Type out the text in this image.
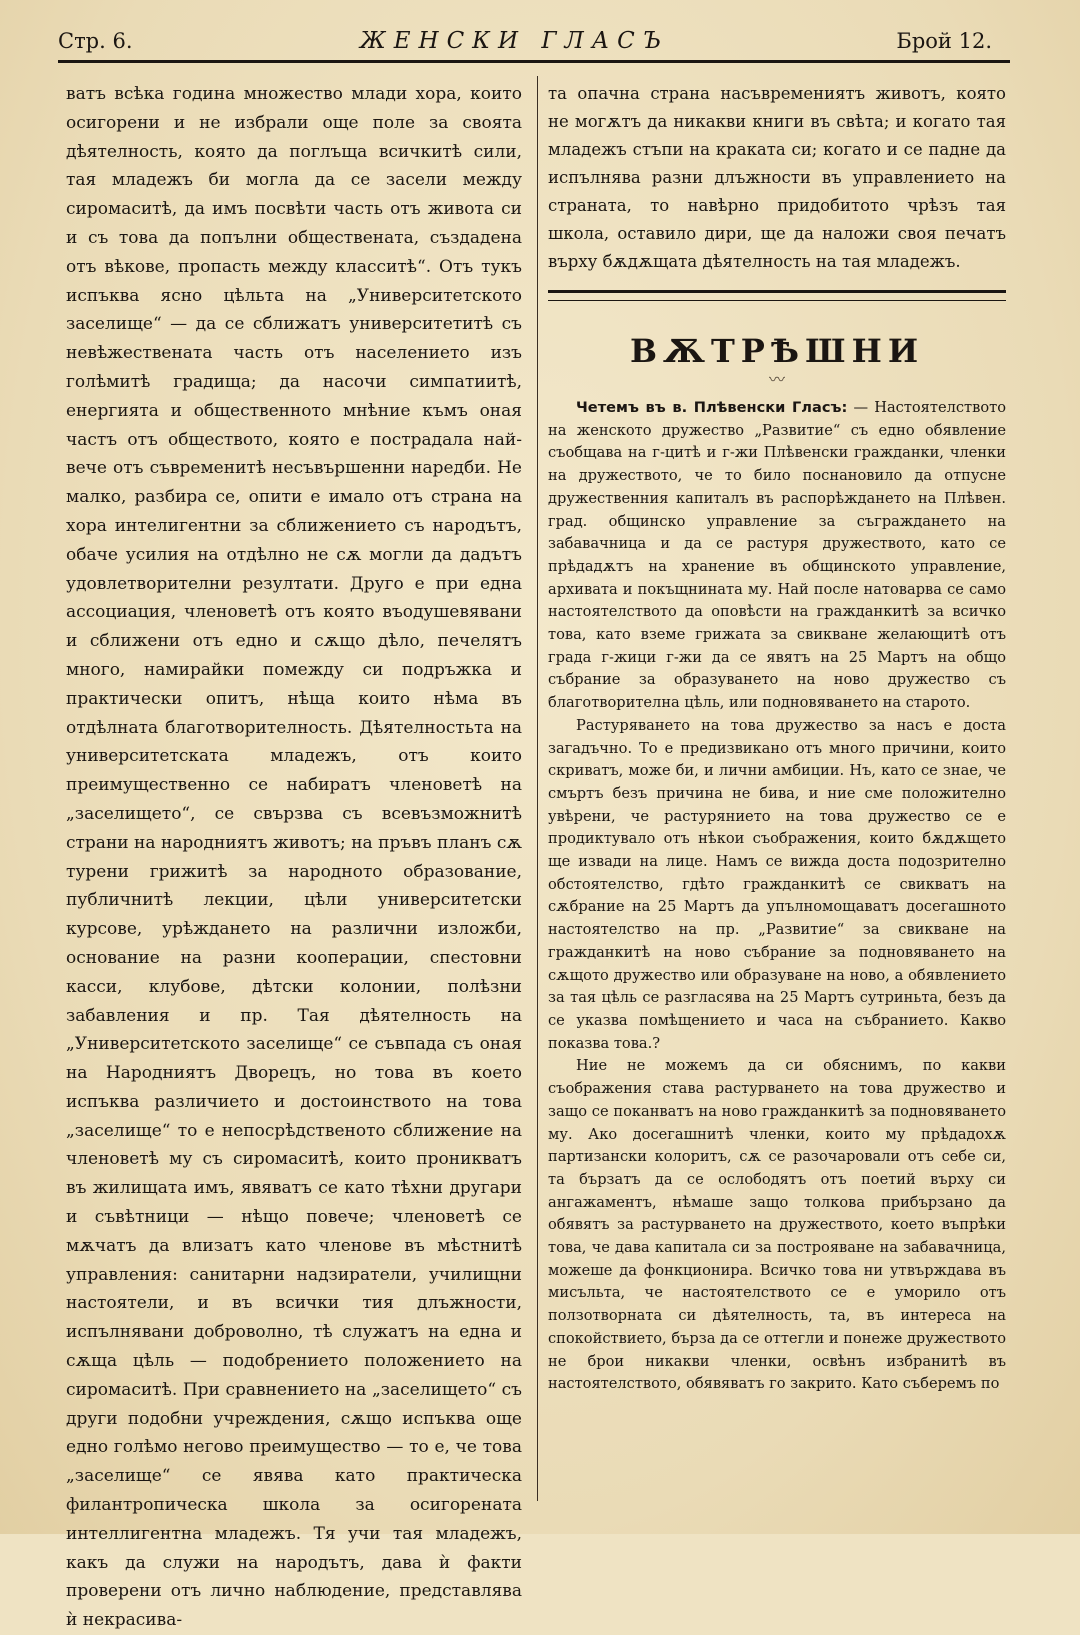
Стр. 6.	ЖЕНСКИ ГЛАСЪ	Брой 12.

ватъ всѣка година множество млади хора, които осигорени и не избрали още поле за своята дѣятелность, която да поглъща всичкитѣ сили, тая младежъ би могла да се засели между сиромаситѣ, да имъ посвѣти часть отъ живота си и съ това да попълни обществената, създадена отъ вѣкове, пропасть между класситѣ“. Отъ тукъ испъква ясно цѣльта на „Университетското заселище“ — да се сближатъ университетитѣ съ невѣжествената часть отъ населението изъ голѣмитѣ градища; да насочи симпатиитѣ, енергията и общественното мнѣние къмъ оная частъ отъ обществото, която е пострадала най-вече отъ съвременитѣ несъвършенни наредби. Не малко, разбира се, опити е имало отъ страна на хора интелигентни за сближението съ народътъ, обаче усилия на отдѣлно не сѫ могли да дадътъ удовлетворителни резултати. Друго е при една ассоциация, членоветѣ отъ която въодушевявани и сближени отъ едно и сѫщо дѣло, печелятъ много, намирайки помежду си подръжка и практически опитъ, нѣща които нѣма въ отдѣлната благотворителность. Дѣятелностьта на университетската младежъ, отъ които преимущественно се набиратъ членоветѣ на „заселището“, се свързва съ всевъзможнитѣ страни на народниятъ животъ; на пръвъ планъ сѫ турени грижитѣ за народното образование, публичнитѣ лекции, цѣли университетски курсове, урѣждането на различни изложби, основание на разни кооперации, спестовни касси, клубове, дѣтски колонии, полѣзни забавления и пр. Тая дѣятелность на „Университетското заселище“ се съвпада съ оная на Народниятъ Дворецъ, но това въ което испъква различието и достоинството на това „заселище“ то е непосрѣдственото сближение на членоветѣ му съ сиромаситѣ, които проникватъ въ жилищата имъ, явяватъ се като тѣхни другари и съвѣтници — нѣщо повече; членоветѣ се мѫчатъ да влизатъ като членове въ мѣстнитѣ управления: санитарни надзиратели, училищни настоятели, и въ всички тия длъжности, испълнявани доброволно, тѣ служатъ на една и сѫща цѣль — подобрението положението на сиромаситѣ. При сравнението на „заселището“ съ други подобни учреждения, сѫщо испъква още едно голѣмо негово преимущество — то е, че това „заселище“ се явява като практическа филантропическа школа за осигорената интеллигентна младежъ. Тя учи тая младежъ, какъ да служи на народътъ, дава ѝ факти проверени отъ лично наблюдение, представлява ѝ некрасива-

та опачна страна насъвремениятъ животъ, която не могѫтъ да никакви книги въ свѣта; и когато тая младежъ стъпи на краката си; когато и се падне да испълнява разни длъжности въ управлението на страната, то навѣрно придобитото чрѣзъ тая школа, оставило дири, ще да наложи своя печатъ върху бѫдѫщата дѣятелность на тая младежъ.

ВѪТРѢШНИ
〰

Четемъ въ в. Плѣвенски Гласъ: — Настоятелството на женското дружество „Развитие“ съ едно обявление съобщава на г-цитѣ и г-жи Плѣвенски гражданки, членки на дружеството, че то било поснановило да отпусне дружественния капиталъ въ распорѣждането на Плѣвен. град. общинско управление за съграждането на забавачница и да се растуря дружеството, като се прѣдадѫтъ на хранение въ общинското управление, архивата и покъщнината му. Най после натоварва се само настоятелството да оповѣсти на гражданкитѣ за всичко това, като вземе грижата за свикване желающитѣ отъ града г-жици г-жи да се явятъ на 25 Мартъ на общо събрание за образуването на ново дружество съ благотворителна цѣль, или подновяването на старото.

Растуряването на това дружество за насъ е доста загадъчно. То е предизвикано отъ много причини, които скриватъ, може би, и лични амбиции. Нъ, като се знае, че смъртъ безъ причина не бива, и ние сме положително увѣрени, че растурянието на това дружество се е продиктувало отъ нѣкои съображения, които бѫдѫщето ще извади на лице. Намъ се вижда доста подозрително обстоятелство, гдѣто гражданкитѣ се свикватъ на сѫбрание на 25 Мартъ да упълномощаватъ досегашното настоятелство на пр. „Развитие“ за свикване на гражданкитѣ на ново събрание за подновяването на сѫщото дружество или образуване на ново, а обявлението за тая цѣль се разгласява на 25 Мартъ сутриньта, безъ да се указва помѣщението и часа на събранието. Какво показва това.?

Ние не можемъ да си обяснимъ, по какви съображения става растурването на това дружество и защо се поканватъ на ново гражданкитѣ за подновяването му. Ако досегашнитѣ членки, които му прѣдадохѫ партизански колоритъ, сѫ се разочаровали отъ себе си, та бързатъ да се ослободятъ отъ поетий върху си ангажаментъ, нѣмаше защо толкова прибързано да обявятъ за растурването на дружеството, което въпрѣки това, че дава капитала си за построяване на забавачница, можеше да фонкционира. Всичко това ни утвърждава въ мисъльта, че настоятелството се е уморило отъ ползотворната си дѣятелность, та, въ интереса на спокойствието, бърза да се оттегли и понеже дружеството не брои никакви членки, освѣнъ избранитѣ въ настоятелството, обявяватъ го закрито. Като съберемъ по
